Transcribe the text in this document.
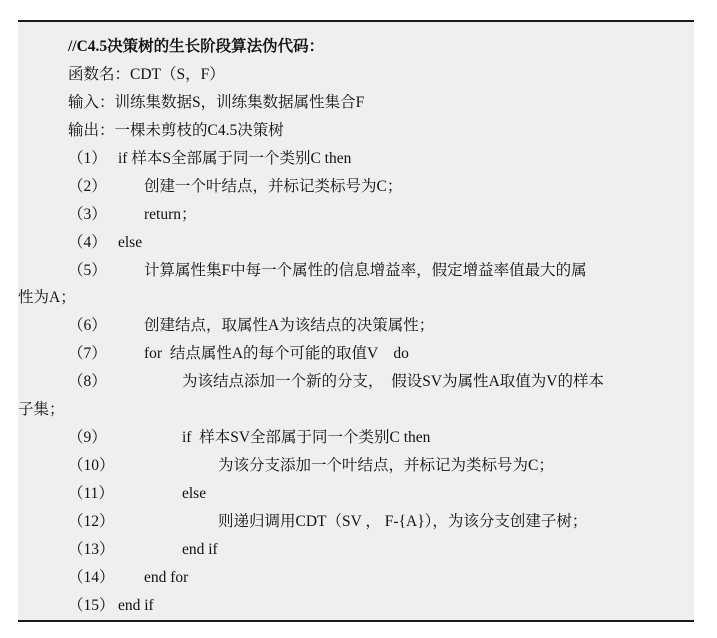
//C4.5决策树的生长阶段算法伪代码：
函数名：CDT（S，F）
输入：训练集数据S，训练集数据属性集合F
输出：一棵未剪枝的C4.5决策树
（1） if 样本S全部属于同一个类别C then
（2） 创建一个叶结点，并标记类标号为C；
（3） return；
（4） else
（5） 计算属性集F中每一个属性的信息增益率，假定增益率值最大的属
性为A；
（6） 创建结点，取属性A为该结点的决策属性；
（7） for  结点属性A的每个可能的取值V    do
（8）	为该结点添加一个新的分支，  假设SV为属性A取值为V的样本
子集；
（9）	if  样本SV全部属于同一个类别C then
（10）	为该分支添加一个叶结点，并标记为类标号为C；
（11）	else
（12）	则递归调用CDT（SV ， F-{A}），为该分支创建子树；
（13）	end if
（14） end for
（15） end if
